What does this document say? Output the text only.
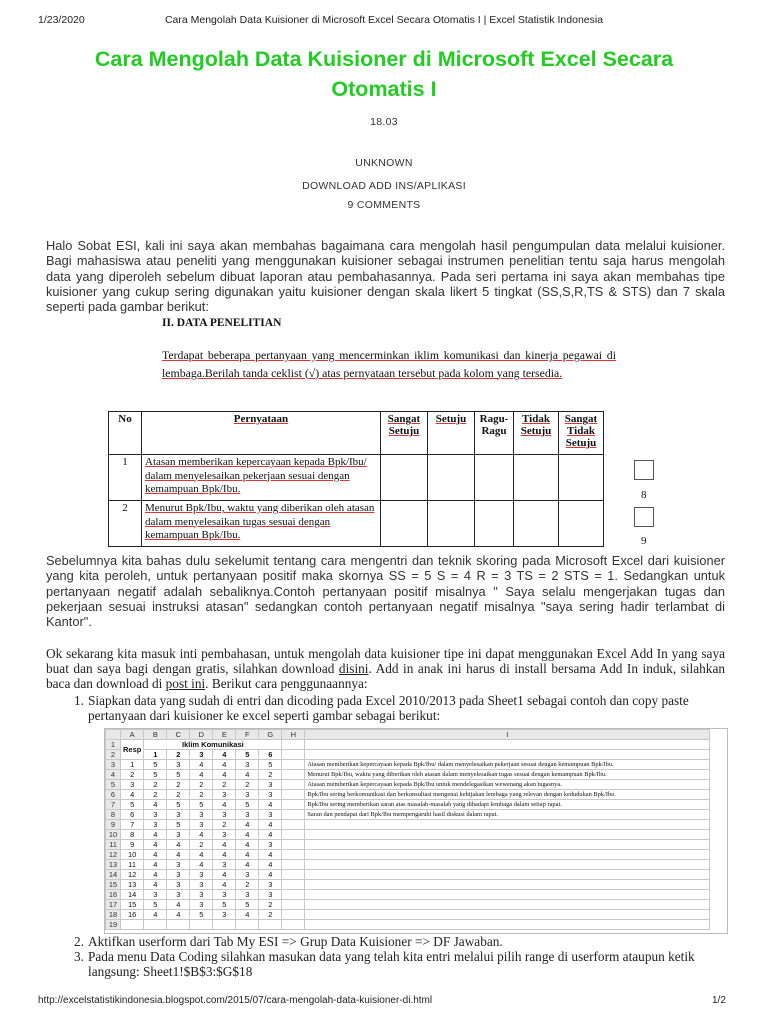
1/23/2020	Cara Mengolah Data Kuisioner di Microsoft Excel Secara Otomatis I | Excel Statistik Indonesia
Cara Mengolah Data Kuisioner di Microsoft Excel Secara Otomatis I
18.03
UNKNOWN
DOWNLOAD ADD INS/APLIKASI
9 COMMENTS
Halo Sobat ESI, kali ini saya akan membahas bagaimana cara mengolah hasil pengumpulan data melalui kuisioner. Bagi mahasiswa atau peneliti yang menggunakan kuisioner sebagai instrumen penelitian tentu saja harus mengolah data yang diperoleh sebelum dibuat laporan atau pembahasannya. Pada seri pertama ini saya akan membahas tipe kuisioner yang cukup sering digunakan yaitu kuisioner dengan skala likert 5 tingkat (SS,S,R,TS & STS) dan 7 skala seperti pada gambar berikut:
II. DATA PENELITIAN
Terdapat beberapa pertanyaan yang mencerminkan iklim komunikasi dan kinerja pegawai di lembaga.Berilah tanda ceklist (√) atas pernyataan tersebut pada kolom yang tersedia.
No	Pernyataan	Sangat Setuju	Setuju	Ragu-Ragu	Tidak Setuju	Sangat Tidak Setuju
1	Atasan memberikan kepercayaan kepada Bpk/Ibu/ dalam menyelesaikan pekerjaan sesuai dengan kemampuan Bpk/Ibu.					
2	Menurut Bpk/Ibu, waktu yang diberikan oleh atasan dalam menyelesaikan tugas sesuai dengan kemampuan Bpk/Ibu.					
8
9
Sebelumnya kita bahas dulu sekelumit tentang cara mengentri dan teknik skoring pada Microsoft Excel dari kuisioner yang kita peroleh, untuk pertanyaan positif maka skornya SS = 5 S = 4 R = 3 TS = 2 STS = 1. Sedangkan untuk pertanyaan negatif adalah sebaliknya.Contoh pertanyaan positif misalnya " Saya selalu mengerjakan tugas dan pekerjaan sesuai instruksi atasan" sedangkan contoh pertanyaan negatif misalnya "saya sering hadir terlambat di Kantor".
Ok sekarang kita masuk inti pembahasan, untuk mengolah data kuisioner tipe ini dapat menggunakan Excel Add In yang saya buat dan saya bagi dengan gratis, silahkan download disini. Add in anak ini harus di install bersama Add In induk, silahkan baca dan download di post ini. Berikut cara penggunaannya:
1. Siapkan data yang sudah di entri dan dicoding pada Excel 2010/2013 pada Sheet1 sebagai contoh dan copy paste pertanyaan dari kuisioner ke excel seperti gambar sebagai berikut:
	A	B	C	D	E	F	G	H	I
1	Resp	Iklim Komunikasi							
2		1	2	3	4	5	6		
3	1	5	3	4	4	3	5		Atasan memberikan kepercayaan kepada Bpk/Ibu/ dalam menyelesaikan pekerjaan sesuai dengan kemampuan Bpk/Ibu.
4	2	5	5	4	4	4	2		Menurut Bpk/Ibu, waktu yang diberikan oleh atasan dalam menyelesaikan tugas sesuai dengan kemampuan Bpk/Ibu.
5	3	2	2	2	2	2	3		Atasan memberikan kepercayaan kepada Bpk/Ibu untuk mendelegasikan wewenang akan tugasnya.
6	4	2	2	2	3	3	3		Bpk/Ibu sering berkomunikasi dan berkonsultasi mengenai kebijakan lembaga yang relevan dengan kedudukan Bpk/Ibu.
7	5	4	5	5	4	5	4		Bpk/Ibu sering memberikan saran atas masalah-masalah yang dihadapi lembaga dalam setiap rapat.
8	6	3	3	3	3	3	3		Saran dan pendapat dari Bpk/Ibu mempengaruhi hasil diskusi dalam rapat.
9	7	3	5	3	2	4	4		
10	8	4	3	4	3	4	4		
11	9	4	4	2	4	4	3		
12	10	4	4	4	4	4	4		
13	11	4	3	4	3	4	4		
14	12	4	3	3	4	3	4		
15	13	4	3	3	4	2	3		
16	14	3	3	3	3	3	3		
17	15	5	4	3	5	5	2		
18	16	4	4	5	3	4	2		
19									
2. Aktifkan userform dari Tab My ESI => Grup Data Kuisioner => DF Jawaban.
3. Pada menu Data Coding silahkan masukan data yang telah kita entri melalui pilih range di userform ataupun ketik langsung: Sheet1!$B$3:$G$18
http://excelstatistikindonesia.blogspot.com/2015/07/cara-mengolah-data-kuisioner-di.html	1/2
